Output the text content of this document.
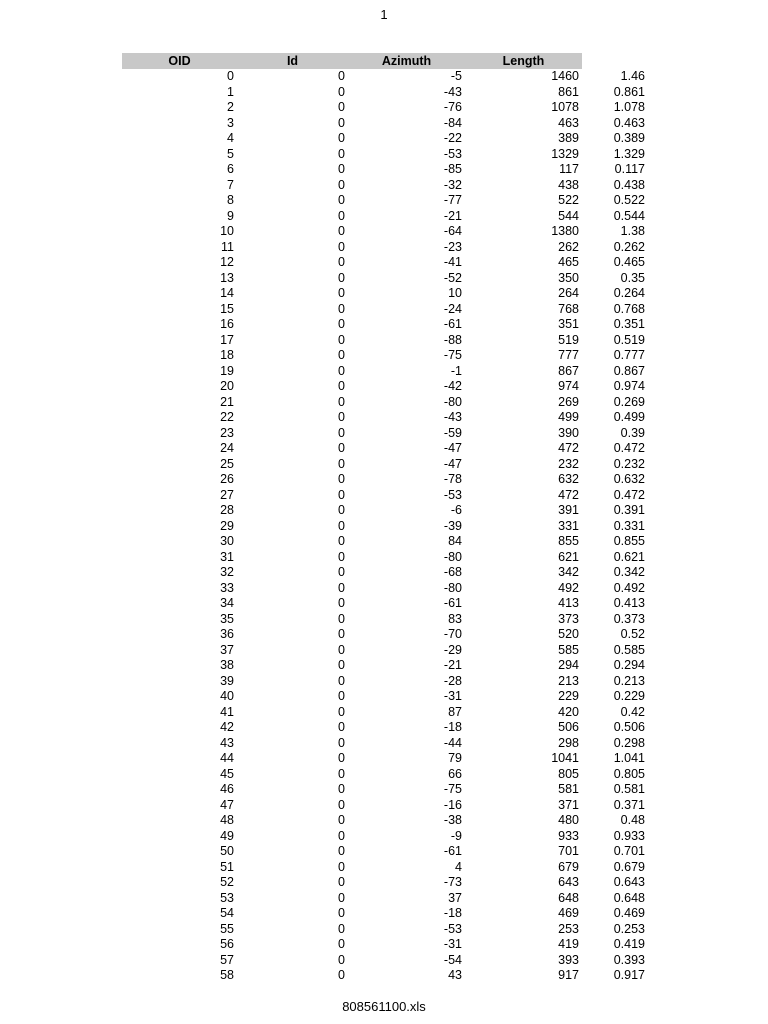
1
OID	Id	Azimuth	Length	
0	0	-5	1460	1.46
1	0	-43	861	0.861
2	0	-76	1078	1.078
3	0	-84	463	0.463
4	0	-22	389	0.389
5	0	-53	1329	1.329
6	0	-85	117	0.117
7	0	-32	438	0.438
8	0	-77	522	0.522
9	0	-21	544	0.544
10	0	-64	1380	1.38
11	0	-23	262	0.262
12	0	-41	465	0.465
13	0	-52	350	0.35
14	0	10	264	0.264
15	0	-24	768	0.768
16	0	-61	351	0.351
17	0	-88	519	0.519
18	0	-75	777	0.777
19	0	-1	867	0.867
20	0	-42	974	0.974
21	0	-80	269	0.269
22	0	-43	499	0.499
23	0	-59	390	0.39
24	0	-47	472	0.472
25	0	-47	232	0.232
26	0	-78	632	0.632
27	0	-53	472	0.472
28	0	-6	391	0.391
29	0	-39	331	0.331
30	0	84	855	0.855
31	0	-80	621	0.621
32	0	-68	342	0.342
33	0	-80	492	0.492
34	0	-61	413	0.413
35	0	83	373	0.373
36	0	-70	520	0.52
37	0	-29	585	0.585
38	0	-21	294	0.294
39	0	-28	213	0.213
40	0	-31	229	0.229
41	0	87	420	0.42
42	0	-18	506	0.506
43	0	-44	298	0.298
44	0	79	1041	1.041
45	0	66	805	0.805
46	0	-75	581	0.581
47	0	-16	371	0.371
48	0	-38	480	0.48
49	0	-9	933	0.933
50	0	-61	701	0.701
51	0	4	679	0.679
52	0	-73	643	0.643
53	0	37	648	0.648
54	0	-18	469	0.469
55	0	-53	253	0.253
56	0	-31	419	0.419
57	0	-54	393	0.393
58	0	43	917	0.917
808561100.xls
